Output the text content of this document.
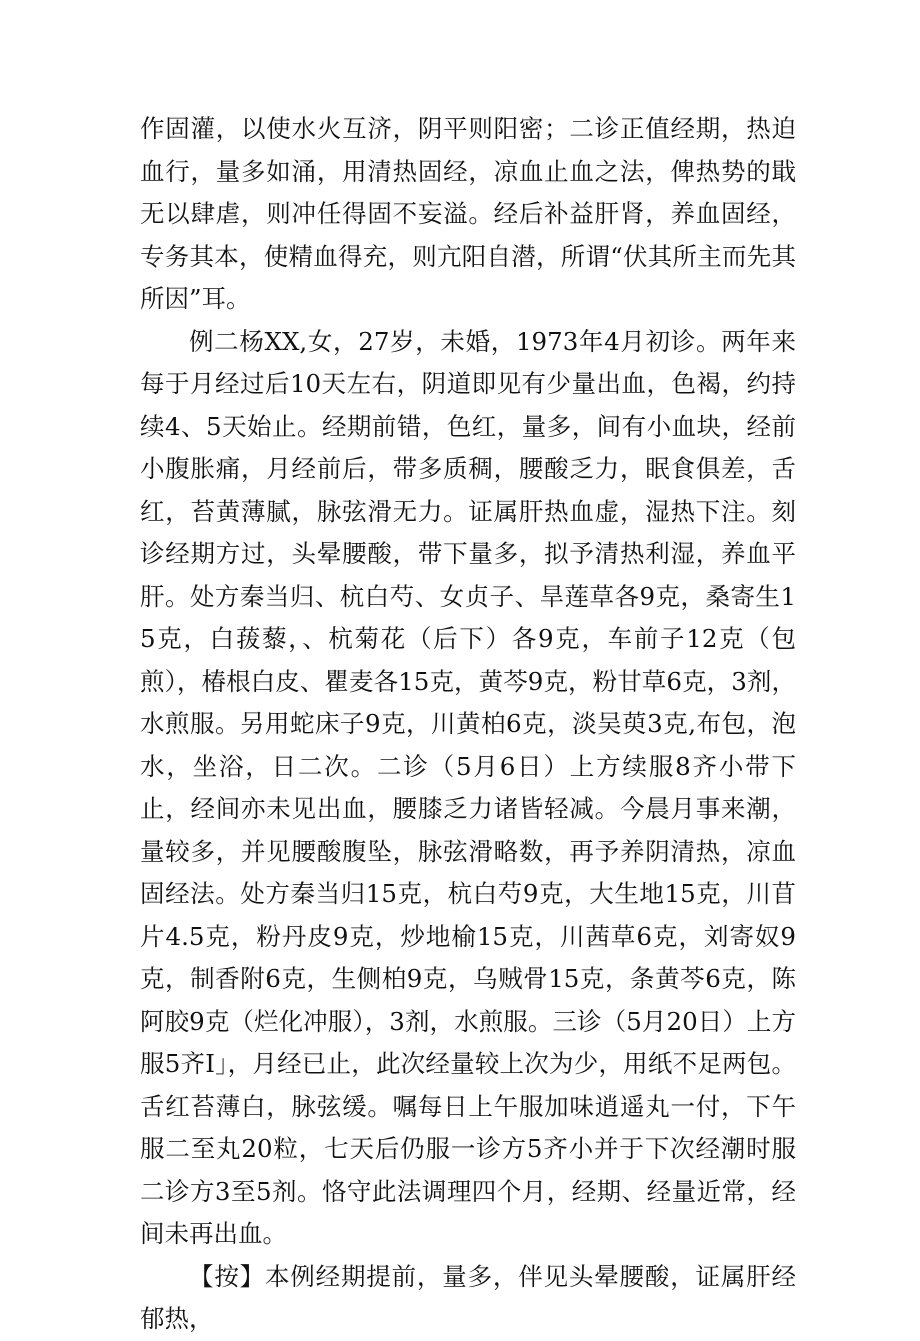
作固灌，以使水火互济，阴平则阳密；二诊正值经期，热迫血行，量多如涌，用清热固经，凉血止血之法，俾热势的戢无以肆虐，则冲任得固不妄溢。经后补益肝肾，养血固经，专务其本，使精血得充，则亢阳自潜，所谓“伏其所主而先其所因”耳。

例二杨XX,女，27岁，未婚，1973年4月初诊。两年来每于月经过后10天左右，阴道即见有少量出血，色褐，约持续4、5天始止。经期前错，色红，量多，间有小血块，经前小腹胀痛，月经前后，带多质稠，腰酸乏力，眠食俱差，舌红，苔黄薄腻，脉弦滑无力。证属肝热血虚，湿热下注。刻诊经期方过，头晕腰酸，带下量多，拟予清热利湿，养血平肝。处方秦当归、杭白芍、女贞子、旱莲草各9克，桑寄生15克，白菝藜，、杭菊花（后下）各9克，车前子12克（包煎），椿根白皮、瞿麦各15克，黄芩9克，粉甘草6克，3剂，水煎服。另用蛇床子9克，川黄柏6克，淡吴萸3克,布包，泡水，坐浴，日二次。二诊（5月6日）上方续服8齐小带下止，经间亦未见出血，腰膝乏力诸皆轻减。今晨月事来潮，量较多，并见腰酸腹坠，脉弦滑略数，再予养阴清热，凉血固经法。处方秦当归15克，杭白芍9克，大生地15克，川苜片4.5克，粉丹皮9克，炒地榆15克，川茜草6克，刘寄奴9克，制香附6克，生侧柏9克，乌贼骨15克，条黄芩6克，陈阿胶9克（烂化冲服），3剂，水煎服。三诊（5月20日）上方服5齐I」，月经已止，此次经量较上次为少，用纸不足两包。舌红苔薄白，脉弦缓。嘱每日上午服加味逍遥丸一付，下午服二至丸20粒，七天后仍服一诊方5齐小并于下次经潮时服二诊方3至5剂。恪守此法调理四个月，经期、经量近常，经间未再出血。

【按】本例经期提前，量多，伴见头晕腰酸，证属肝经郁热，
